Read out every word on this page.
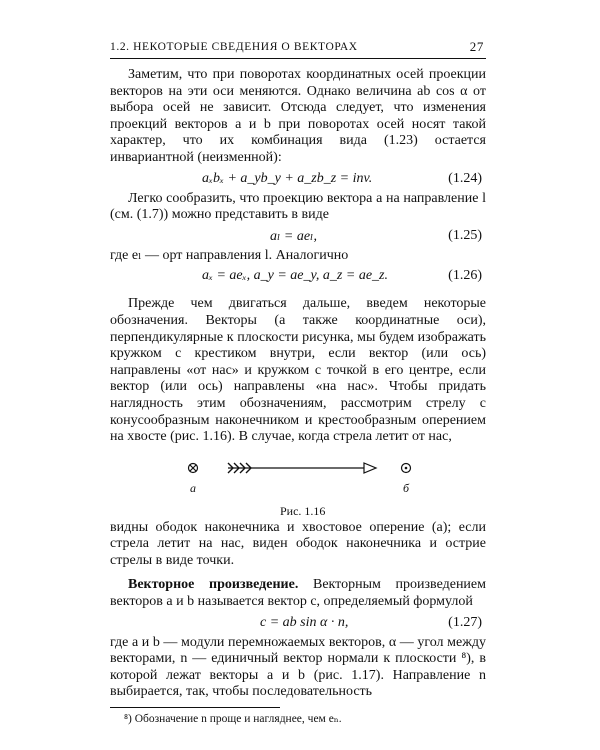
1.2. НЕКОТОРЫЕ СВЕДЕНИЯ О ВЕКТОРАХ	27

Заметим, что при поворотах координатных осей проекции векторов на эти оси меняются. Однако величина ab cos α от выбора осей не зависит. Отсюда следует, что изменения проекций векторов a и b при поворотах осей носят такой характер, что их комбинация вида (1.23) остается инвариантной (неизменной):

aₓbₓ + a_yb_y + a_zb_z = inv.	(1.24)

Легко сообразить, что проекцию вектора a на направление l (см. (1.7)) можно представить в виде

aₗ = aeₗ,	(1.25)

где eₗ — орт направления l. Аналогично

aₓ = aeₓ, a_y = ae_y, a_z = ae_z.	(1.26)

Прежде чем двигаться дальше, введем некоторые обозначения. Векторы (а также координатные оси), перпендикулярные к плоскости рисунка, мы будем изображать кружком с крестиком внутри, если вектор (или ось) направлены «от нас» и кружком с точкой в его центре, если вектор (или ось) направлены «на нас». Чтобы придать наглядность этим обозначениям, рассмотрим стрелу с конусообразным наконечником и крестообразным оперением на хвосте (рис. 1.16). В случае, когда стрела летит от нас,

a	б
Рис. 1.16

видны ободок наконечника и хвостовое оперение (a); если стрела летит на нас, виден ободок наконечника и острие стрелы в виде точки.

Векторное произведение. Векторным произведением векторов a и b называется вектор c, определяемый формулой

c = ab sin α · n,	(1.27)

где a и b — модули перемножаемых векторов, α — угол между векторами, n — единичный вектор нормали к плоскости ⁸), в которой лежат векторы a и b (рис. 1.17). Направление n выбирается, так, чтобы последовательность

⁸) Обозначение n проще и нагляднее, чем eₙ.
